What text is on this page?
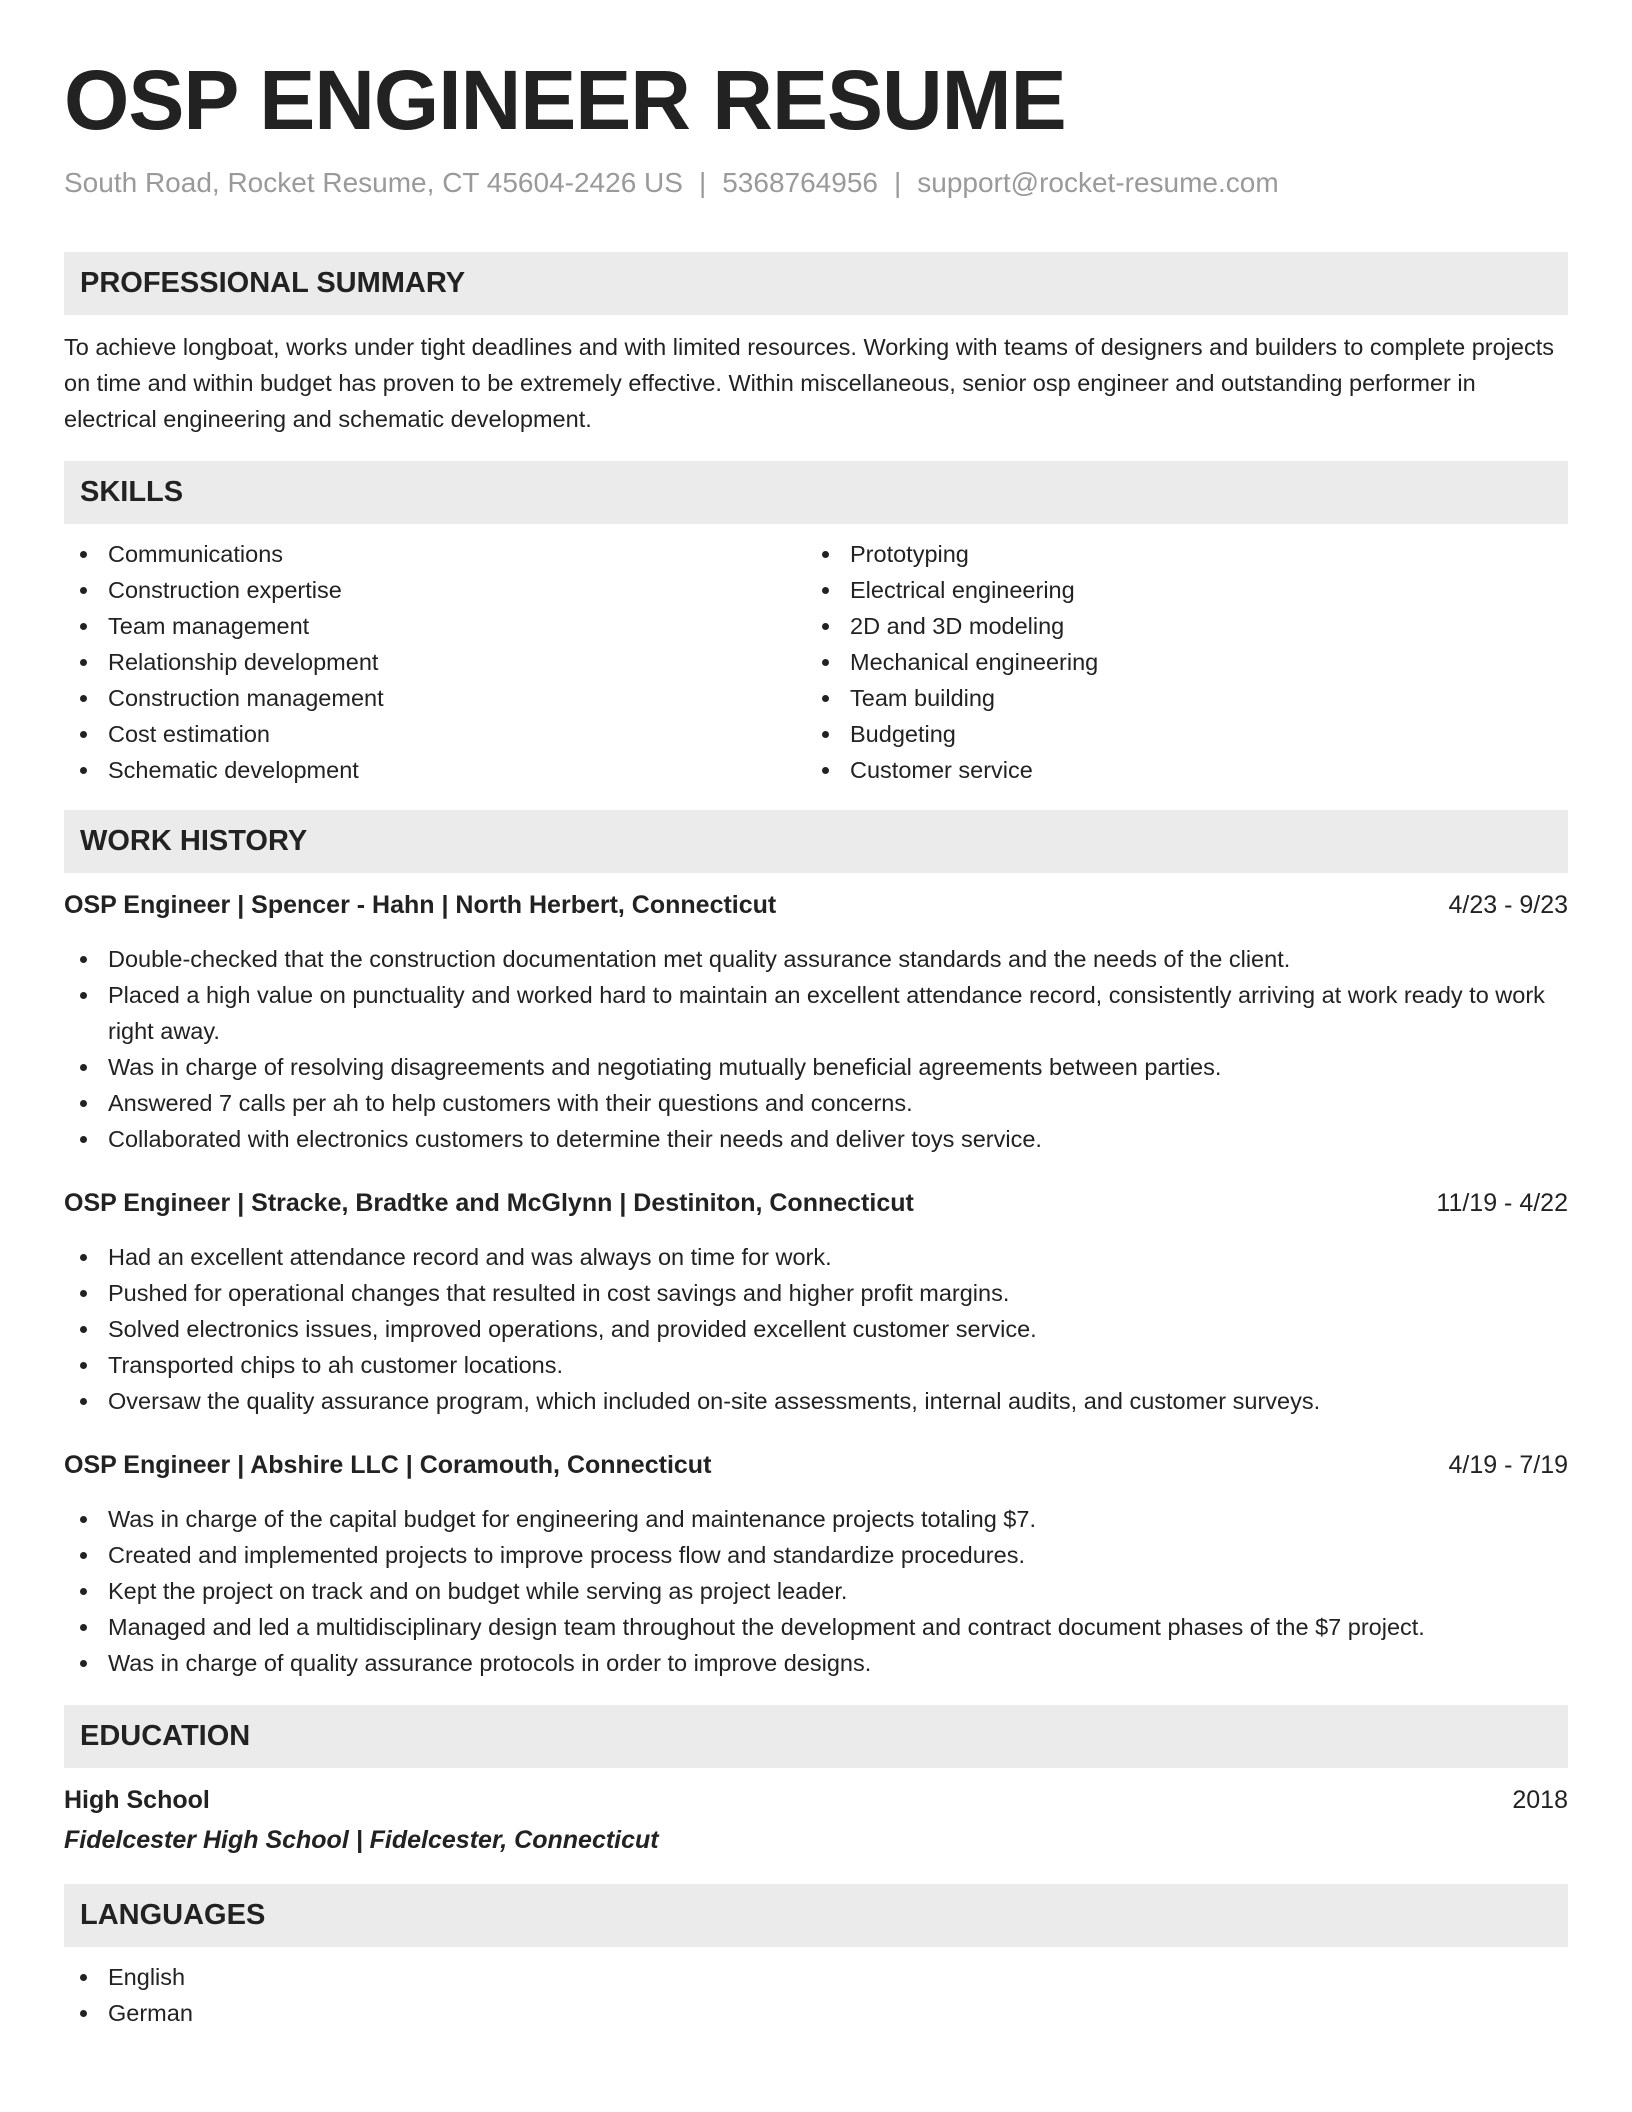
OSP ENGINEER RESUME
South Road, Rocket Resume, CT 45604-2426 US | 5368764956 | support@rocket-resume.com
PROFESSIONAL SUMMARY

To achieve longboat, works under tight deadlines and with limited resources. Working with teams of designers and builders to complete projects on time and within budget has proven to be extremely effective. Within miscellaneous, senior osp engineer and outstanding performer in electrical engineering and schematic development.

SKILLS
Communications
Construction expertise
Team management
Relationship development
Construction management
Cost estimation
Schematic development
Prototyping
Electrical engineering
2D and 3D modeling
Mechanical engineering
Team building
Budgeting
Customer service
WORK HISTORY
OSP Engineer | Spencer - Hahn | North Herbert, Connecticut	4/23 - 9/23
Double-checked that the construction documentation met quality assurance standards and the needs of the client.
Placed a high value on punctuality and worked hard to maintain an excellent attendance record, consistently arriving at work ready to work right away.
Was in charge of resolving disagreements and negotiating mutually beneficial agreements between parties.
Answered 7 calls per ah to help customers with their questions and concerns.
Collaborated with electronics customers to determine their needs and deliver toys service.
OSP Engineer | Stracke, Bradtke and McGlynn | Destiniton, Connecticut	11/19 - 4/22
Had an excellent attendance record and was always on time for work.
Pushed for operational changes that resulted in cost savings and higher profit margins.
Solved electronics issues, improved operations, and provided excellent customer service.
Transported chips to ah customer locations.
Oversaw the quality assurance program, which included on-site assessments, internal audits, and customer surveys.
OSP Engineer | Abshire LLC | Coramouth, Connecticut	4/19 - 7/19
Was in charge of the capital budget for engineering and maintenance projects totaling $7.
Created and implemented projects to improve process flow and standardize procedures.
Kept the project on track and on budget while serving as project leader.
Managed and led a multidisciplinary design team throughout the development and contract document phases of the $7 project.
Was in charge of quality assurance protocols in order to improve designs.
EDUCATION
High School	2018
Fidelcester High School | Fidelcester, Connecticut
LANGUAGES
English
German
